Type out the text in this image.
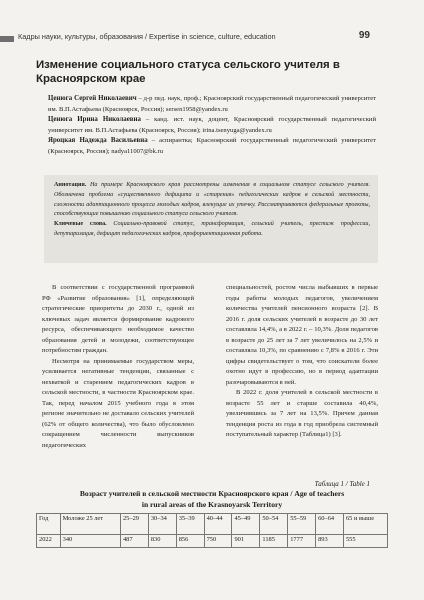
Кадры науки, культуры, образования / Expertise in science, culture, education	99
Изменение социального статуса сельского учителя в Красноярском крае

Ценюга Сергей Николаевич – д-р пед. наук, проф.; Красноярский государственный педагогический университет им. В.П.Астафьева (Красноярск, Россия); sersen1958@yandex.ru

Ценюга Ирина Николаевна – канд. ист. наук, доцент, Красноярский государственный педагогический университет им. В.П.Астафьева (Красноярск, Россия); irina.tsenyuga@yandex.ru

Яроцкая Надежда Васильевна – аспирантка; Красноярский государственный педагогический университет (Красноярск, Россия); nadya11007@bk.ru

Аннотация. На примере Красноярского края рассмотрены изменения в социальном статусе сельского учителя. Обозначена проблема «существенного дефицита и «старения» педагогических кадров в сельской местности, сложности адаптационного процесса молодых кадров, влекущие их утечку. Рассматриваются федеральные проекты, способствующие повышению социального статуса сельского учителя.

Ключевые слова. Социально-правовой статус, трансформация, сельский учитель, престиж профессии, депутаризация, дефицит педагогических кадров, профориентационная работа.

В соответствии с государственной программой РФ «Развитие образования» [1], определяющей стратегические приоритеты до 2030 г., одной из ключевых задач является формирование кадрового ресурса, обеспечивающего необходимое качество образования детей и молодежи, соответствующее потребностям граждан.

Несмотря на принимаемые государством меры, усиливается негативные тенденции, связанные с нехваткой и старением педагогических кадров в сельской местности, в частности Красноярском крае. Так, перед началом 2015 учебного года в этом регионе значительно не доставало сельских учителей (62% от общего количества), что было обусловлено сокращением численности выпускников педагогических

специальностей, ростом числа выбывших в первые годы работы молодых педагогов, увеличением количества учителей пенсионного возраста [2]. В 2016 г. доля сельских учителей в возрасте до 30 лет составляла 14,4%, а в 2022 г. – 10,3%. Доля педагогов в возрасте до 25 лет за 7 лет увеличилось на 2,5% и составляла 10,3%, по сравнению с 7,8% в 2016 г. Эти цифры свидетельствует о том, что соискатели более охотно идут в профессию, но в период адаптации разочаровываются в ней.

В 2022 г. доля учителей в сельской местности в возрасте 55 лет и старше составила 40,4%, увеличившись за 7 лет на 13,5%. Причем данная тенденция роста из года в год приобрела системный поступательный характер (Таблица1) [3].

Таблица 1 / Table 1
Возраст учителей в сельской местности Красноярского края / Age of teachers
in rural areas of the Krasnoyarsk Territory
Год	Моложе 25 лет	25–29	30–34	35–39	40–44	45–49	50–54	55–59	60–64	65 и выше
2022	340	487	830	856	750	901	1185	1777	893	555
